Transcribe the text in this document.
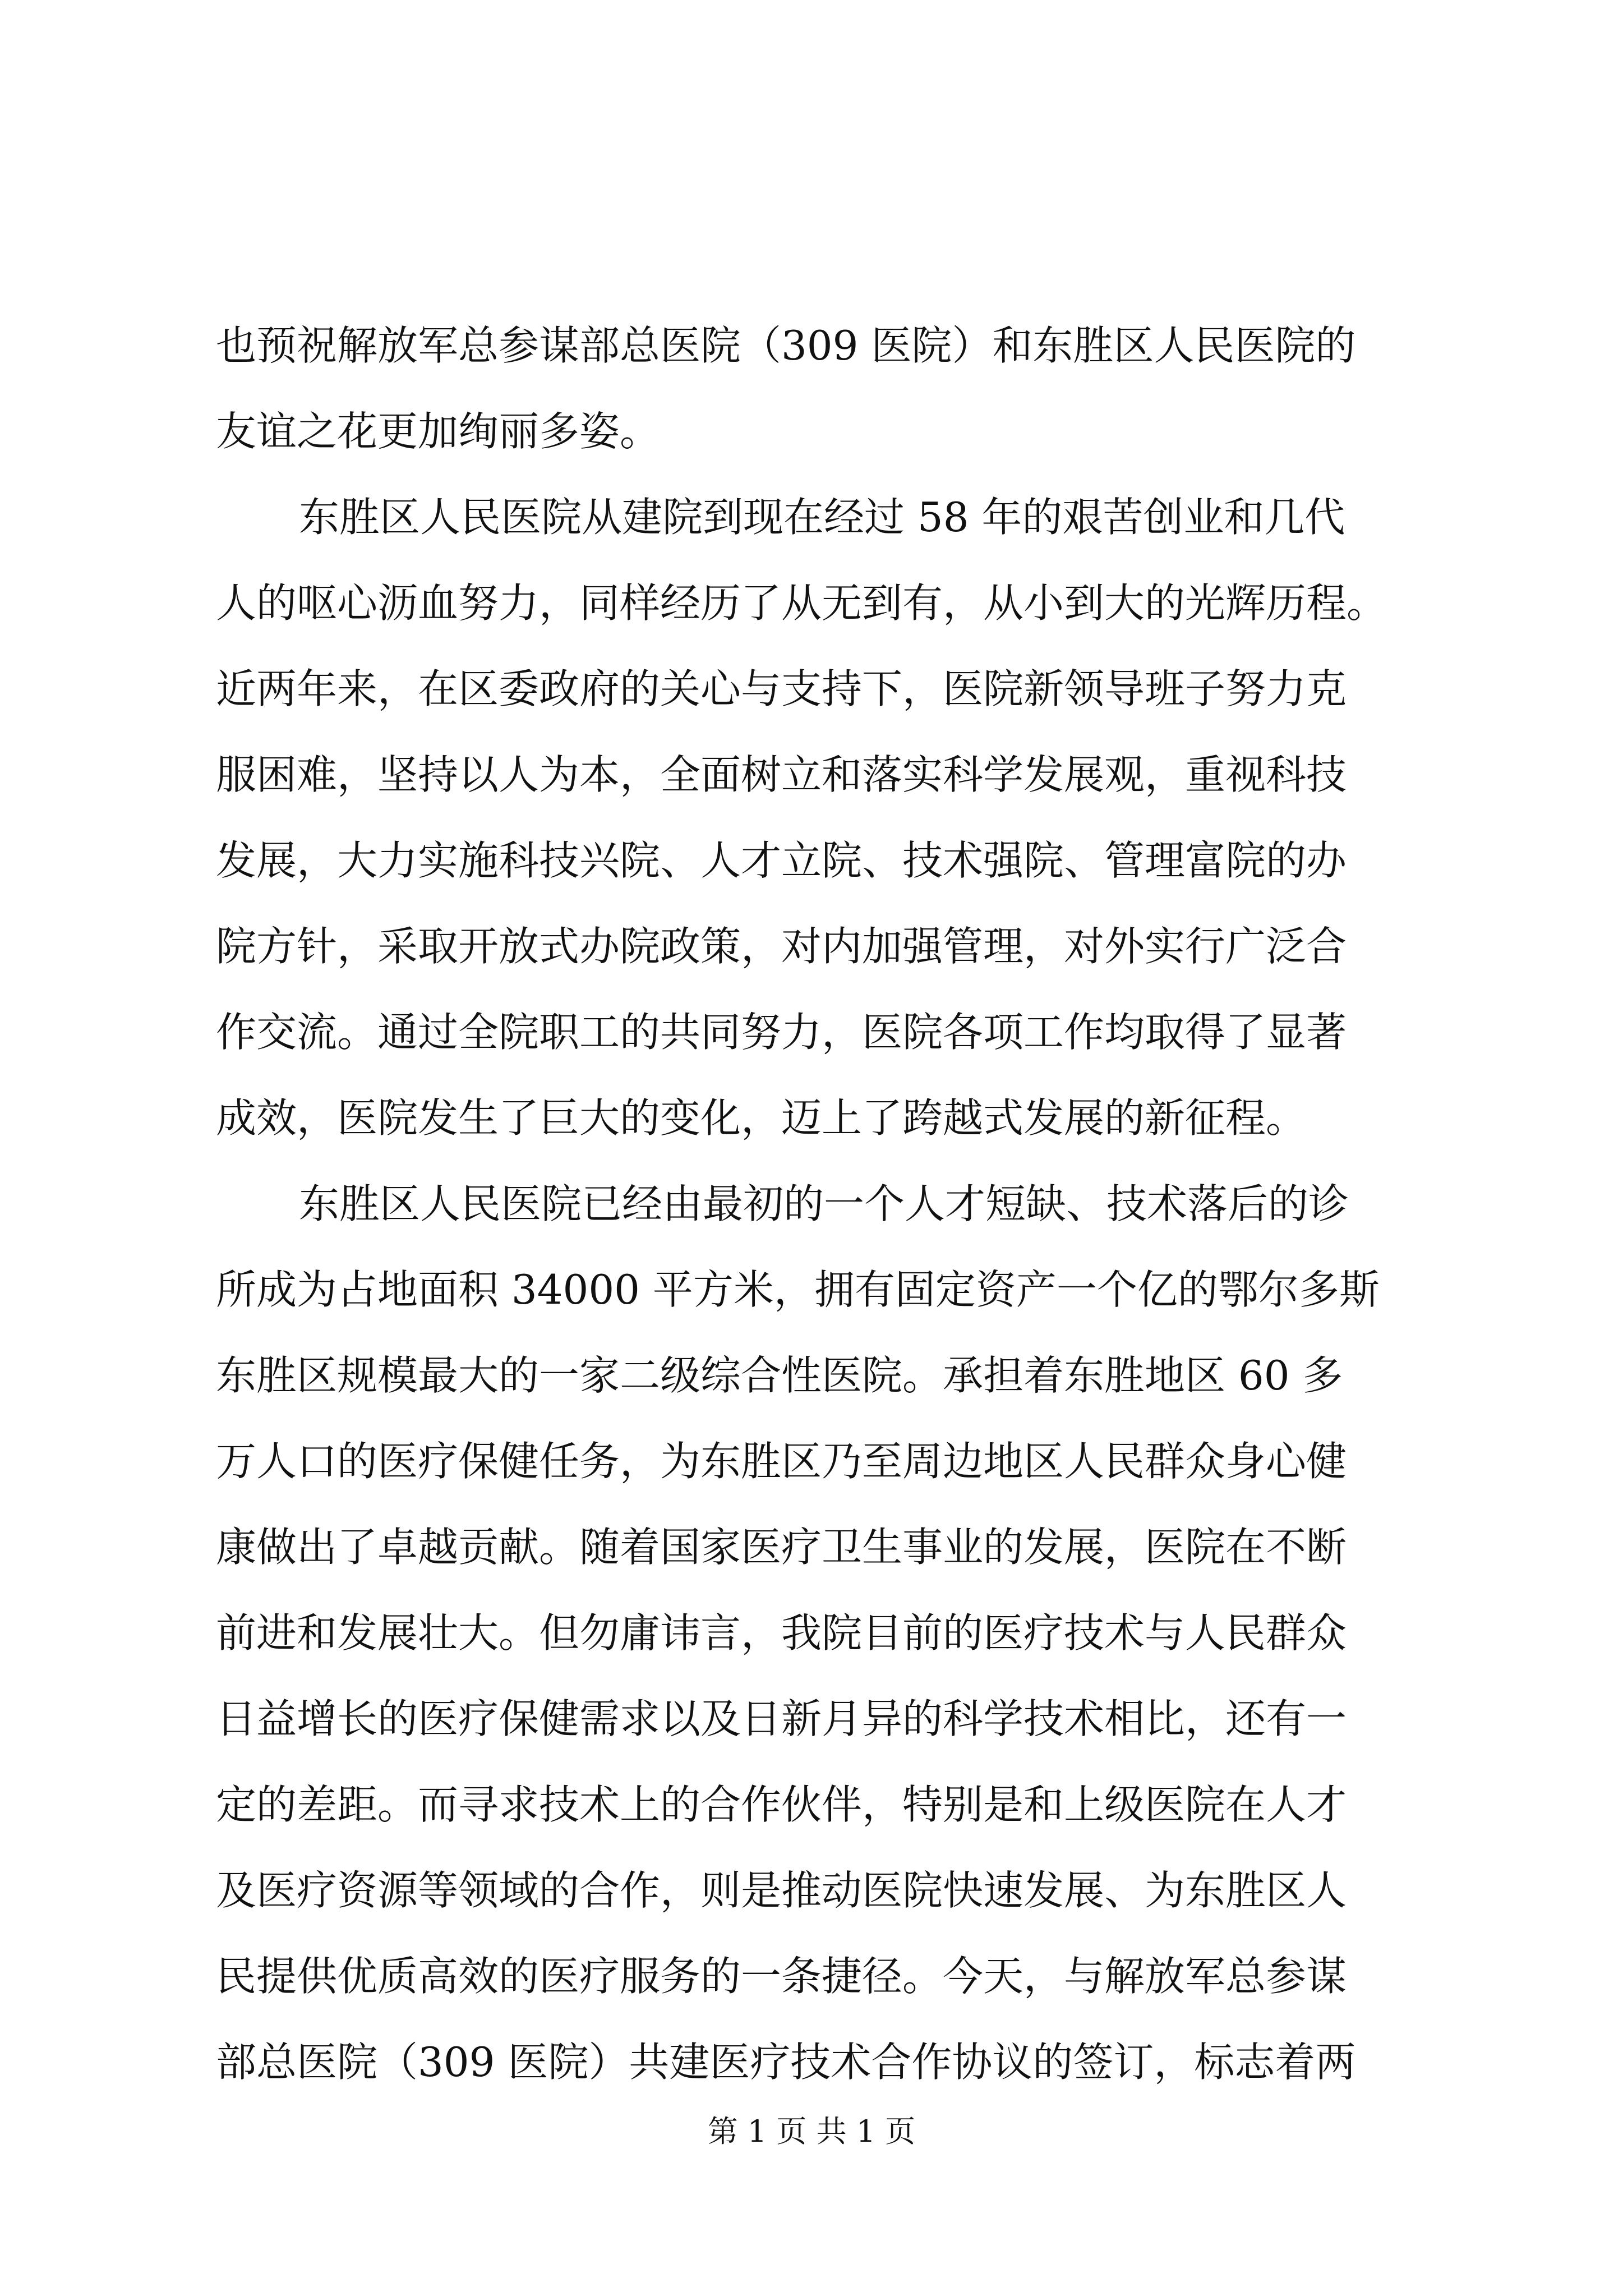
也预祝解放军总参谋部总医院（309 医院）和东胜区人民医院的
友谊之花更加绚丽多姿。
东胜区人民医院从建院到现在经过 58 年的艰苦创业和几代
人的呕心沥血努力，同样经历了从无到有，从小到大的光辉历程。
近两年来，在区委政府的关心与支持下，医院新领导班子努力克
服困难，坚持以人为本，全面树立和落实科学发展观，重视科技
发展，大力实施科技兴院、人才立院、技术强院、管理富院的办
院方针，采取开放式办院政策，对内加强管理，对外实行广泛合
作交流。通过全院职工的共同努力，医院各项工作均取得了显著
成效，医院发生了巨大的变化，迈上了跨越式发展的新征程。
东胜区人民医院已经由最初的一个人才短缺、技术落后的诊
所成为占地面积 34000 平方米，拥有固定资产一个亿的鄂尔多斯
东胜区规模最大的一家二级综合性医院。承担着东胜地区 60 多
万人口的医疗保健任务，为东胜区乃至周边地区人民群众身心健
康做出了卓越贡献。随着国家医疗卫生事业的发展，医院在不断
前进和发展壮大。但勿庸讳言，我院目前的医疗技术与人民群众
日益增长的医疗保健需求以及日新月异的科学技术相比，还有一
定的差距。而寻求技术上的合作伙伴，特别是和上级医院在人才
及医疗资源等领域的合作，则是推动医院快速发展、为东胜区人
民提供优质高效的医疗服务的一条捷径。今天，与解放军总参谋
部总医院（309 医院）共建医疗技术合作协议的签订，标志着两
第 1 页 共 1 页
